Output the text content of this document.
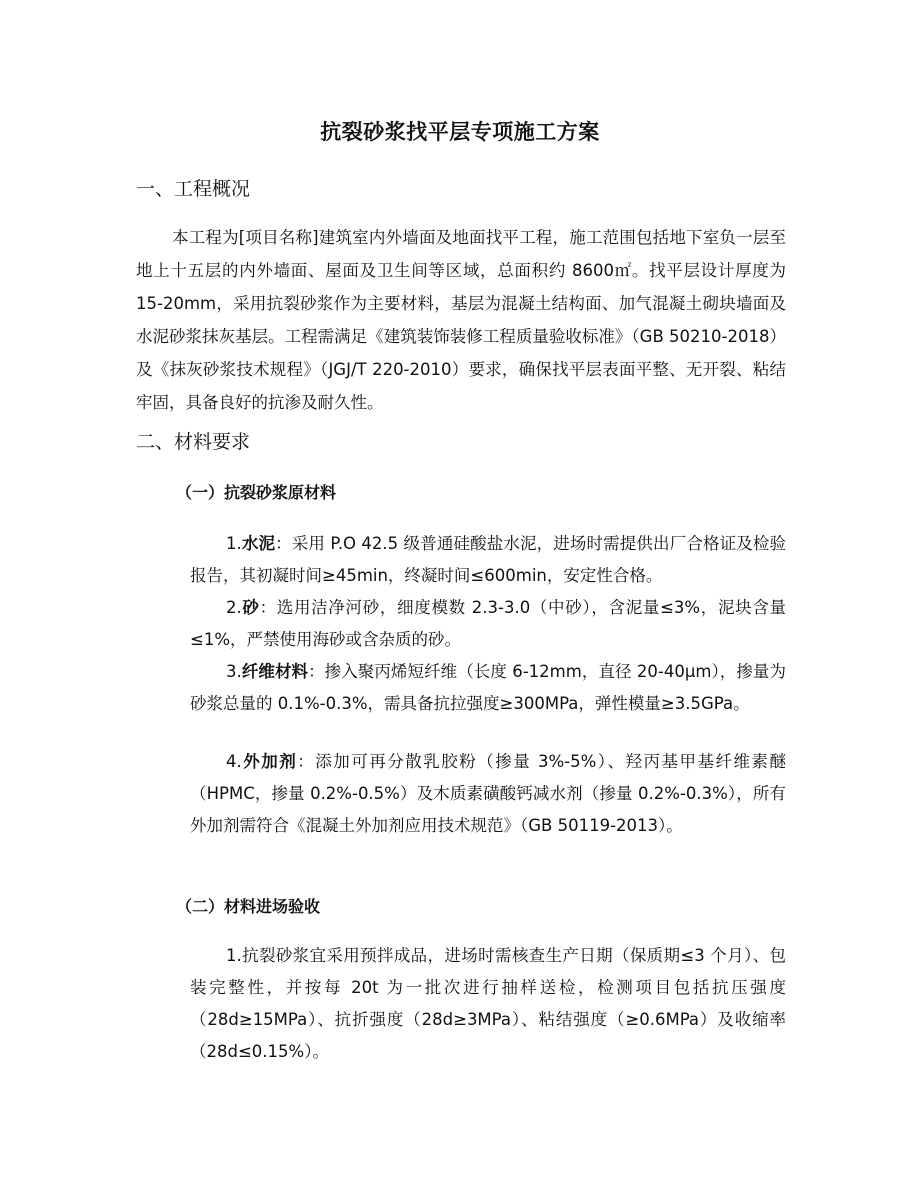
抗裂砂浆找平层专项施工方案
一、工程概况
本工程为[项目名称]建筑室内外墙面及地面找平工程，施工范围包括地下室负一层至地上十五层的内外墙面、屋面及卫生间等区域，总面积约 8600㎡。找平层设计厚度为 15-20mm，采用抗裂砂浆作为主要材料，基层为混凝土结构面、加气混凝土砌块墙面及水泥砂浆抹灰基层。工程需满足《建筑装饰装修工程质量验收标准》（GB 50210-2018）及《抹灰砂浆技术规程》（JGJ/T 220-2010）要求，确保找平层表面平整、无开裂、粘结牢固，具备良好的抗渗及耐久性。
二、材料要求
（一）抗裂砂浆原材料
1.水泥：采用 P.O 42.5 级普通硅酸盐水泥，进场时需提供出厂合格证及检验报告，其初凝时间≥45min，终凝时间≤600min，安定性合格。
2.砂：选用洁净河砂，细度模数 2.3-3.0（中砂），含泥量≤3%，泥块含量≤1%，严禁使用海砂或含杂质的砂。
3.纤维材料：掺入聚丙烯短纤维（长度 6-12mm，直径 20-40μm），掺量为砂浆总量的 0.1%-0.3%，需具备抗拉强度≥300MPa，弹性模量≥3.5GPa。
4.外加剂：添加可再分散乳胶粉（掺量 3%-5%）、羟丙基甲基纤维素醚（HPMC，掺量 0.2%-0.5%）及木质素磺酸钙减水剂（掺量 0.2%-0.3%），所有外加剂需符合《混凝土外加剂应用技术规范》（GB 50119-2013）。
（二）材料进场验收
1.抗裂砂浆宜采用预拌成品，进场时需核查生产日期（保质期≤3 个月）、包装完整性，并按每 20t 为一批次进行抽样送检，检测项目包括抗压强度（28d≥15MPa）、抗折强度（28d≥3MPa）、粘结强度（≥0.6MPa）及收缩率（28d≤0.15%）。
